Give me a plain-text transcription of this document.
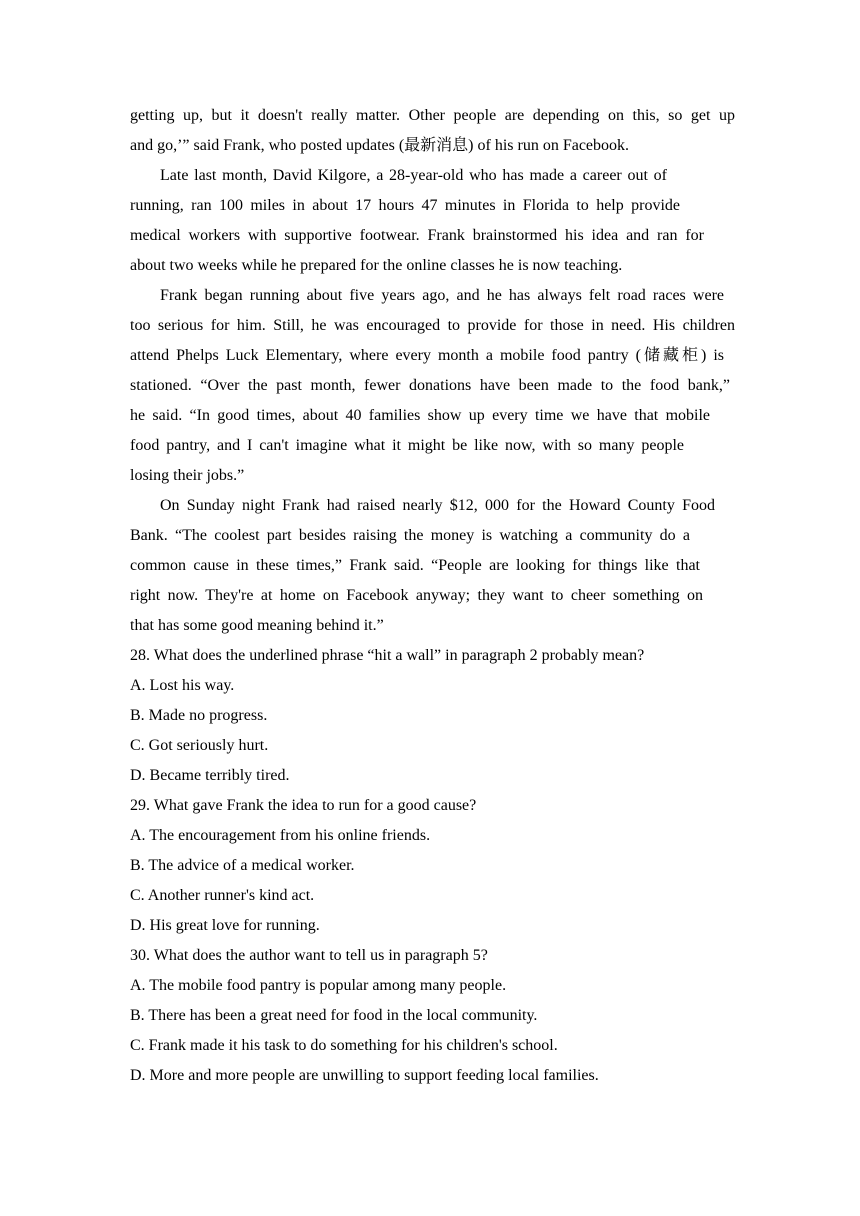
getting up, but it doesn't really matter. Other people are depending on this, so get up
and go,’” said Frank, who posted updates (最新消息) of his run on Facebook.
Late last month, David Kilgore, a 28-year-old who has made a career out of
running, ran 100 miles in about 17 hours 47 minutes in Florida to help provide
medical workers with supportive footwear. Frank brainstormed his idea and ran for
about two weeks while he prepared for the online classes he is now teaching.
Frank began running about five years ago, and he has always felt road races were
too serious for him. Still, he was encouraged to provide for those in need. His children
attend Phelps Luck Elementary, where every month a mobile food pantry (储藏柜) is
stationed. “Over the past month, fewer donations have been made to the food bank,”
he said. “In good times, about 40 families show up every time we have that mobile
food pantry, and I can't imagine what it might be like now, with so many people
losing their jobs.”
On Sunday night Frank had raised nearly $12, 000 for the Howard County Food
Bank. “The coolest part besides raising the money is watching a community do a
common cause in these times,” Frank said. “People are looking for things like that
right now. They're at home on Facebook anyway; they want to cheer something on
that has some good meaning behind it.”
28. What does the underlined phrase “hit a wall” in paragraph 2 probably mean?
A. Lost his way.
B. Made no progress.
C. Got seriously hurt.
D. Became terribly tired.
29. What gave Frank the idea to run for a good cause?
A. The encouragement from his online friends.
B. The advice of a medical worker.
C. Another runner's kind act.
D. His great love for running.
30. What does the author want to tell us in paragraph 5?
A. The mobile food pantry is popular among many people.
B. There has been a great need for food in the local community.
C. Frank made it his task to do something for his children's school.
D. More and more people are unwilling to support feeding local families.
